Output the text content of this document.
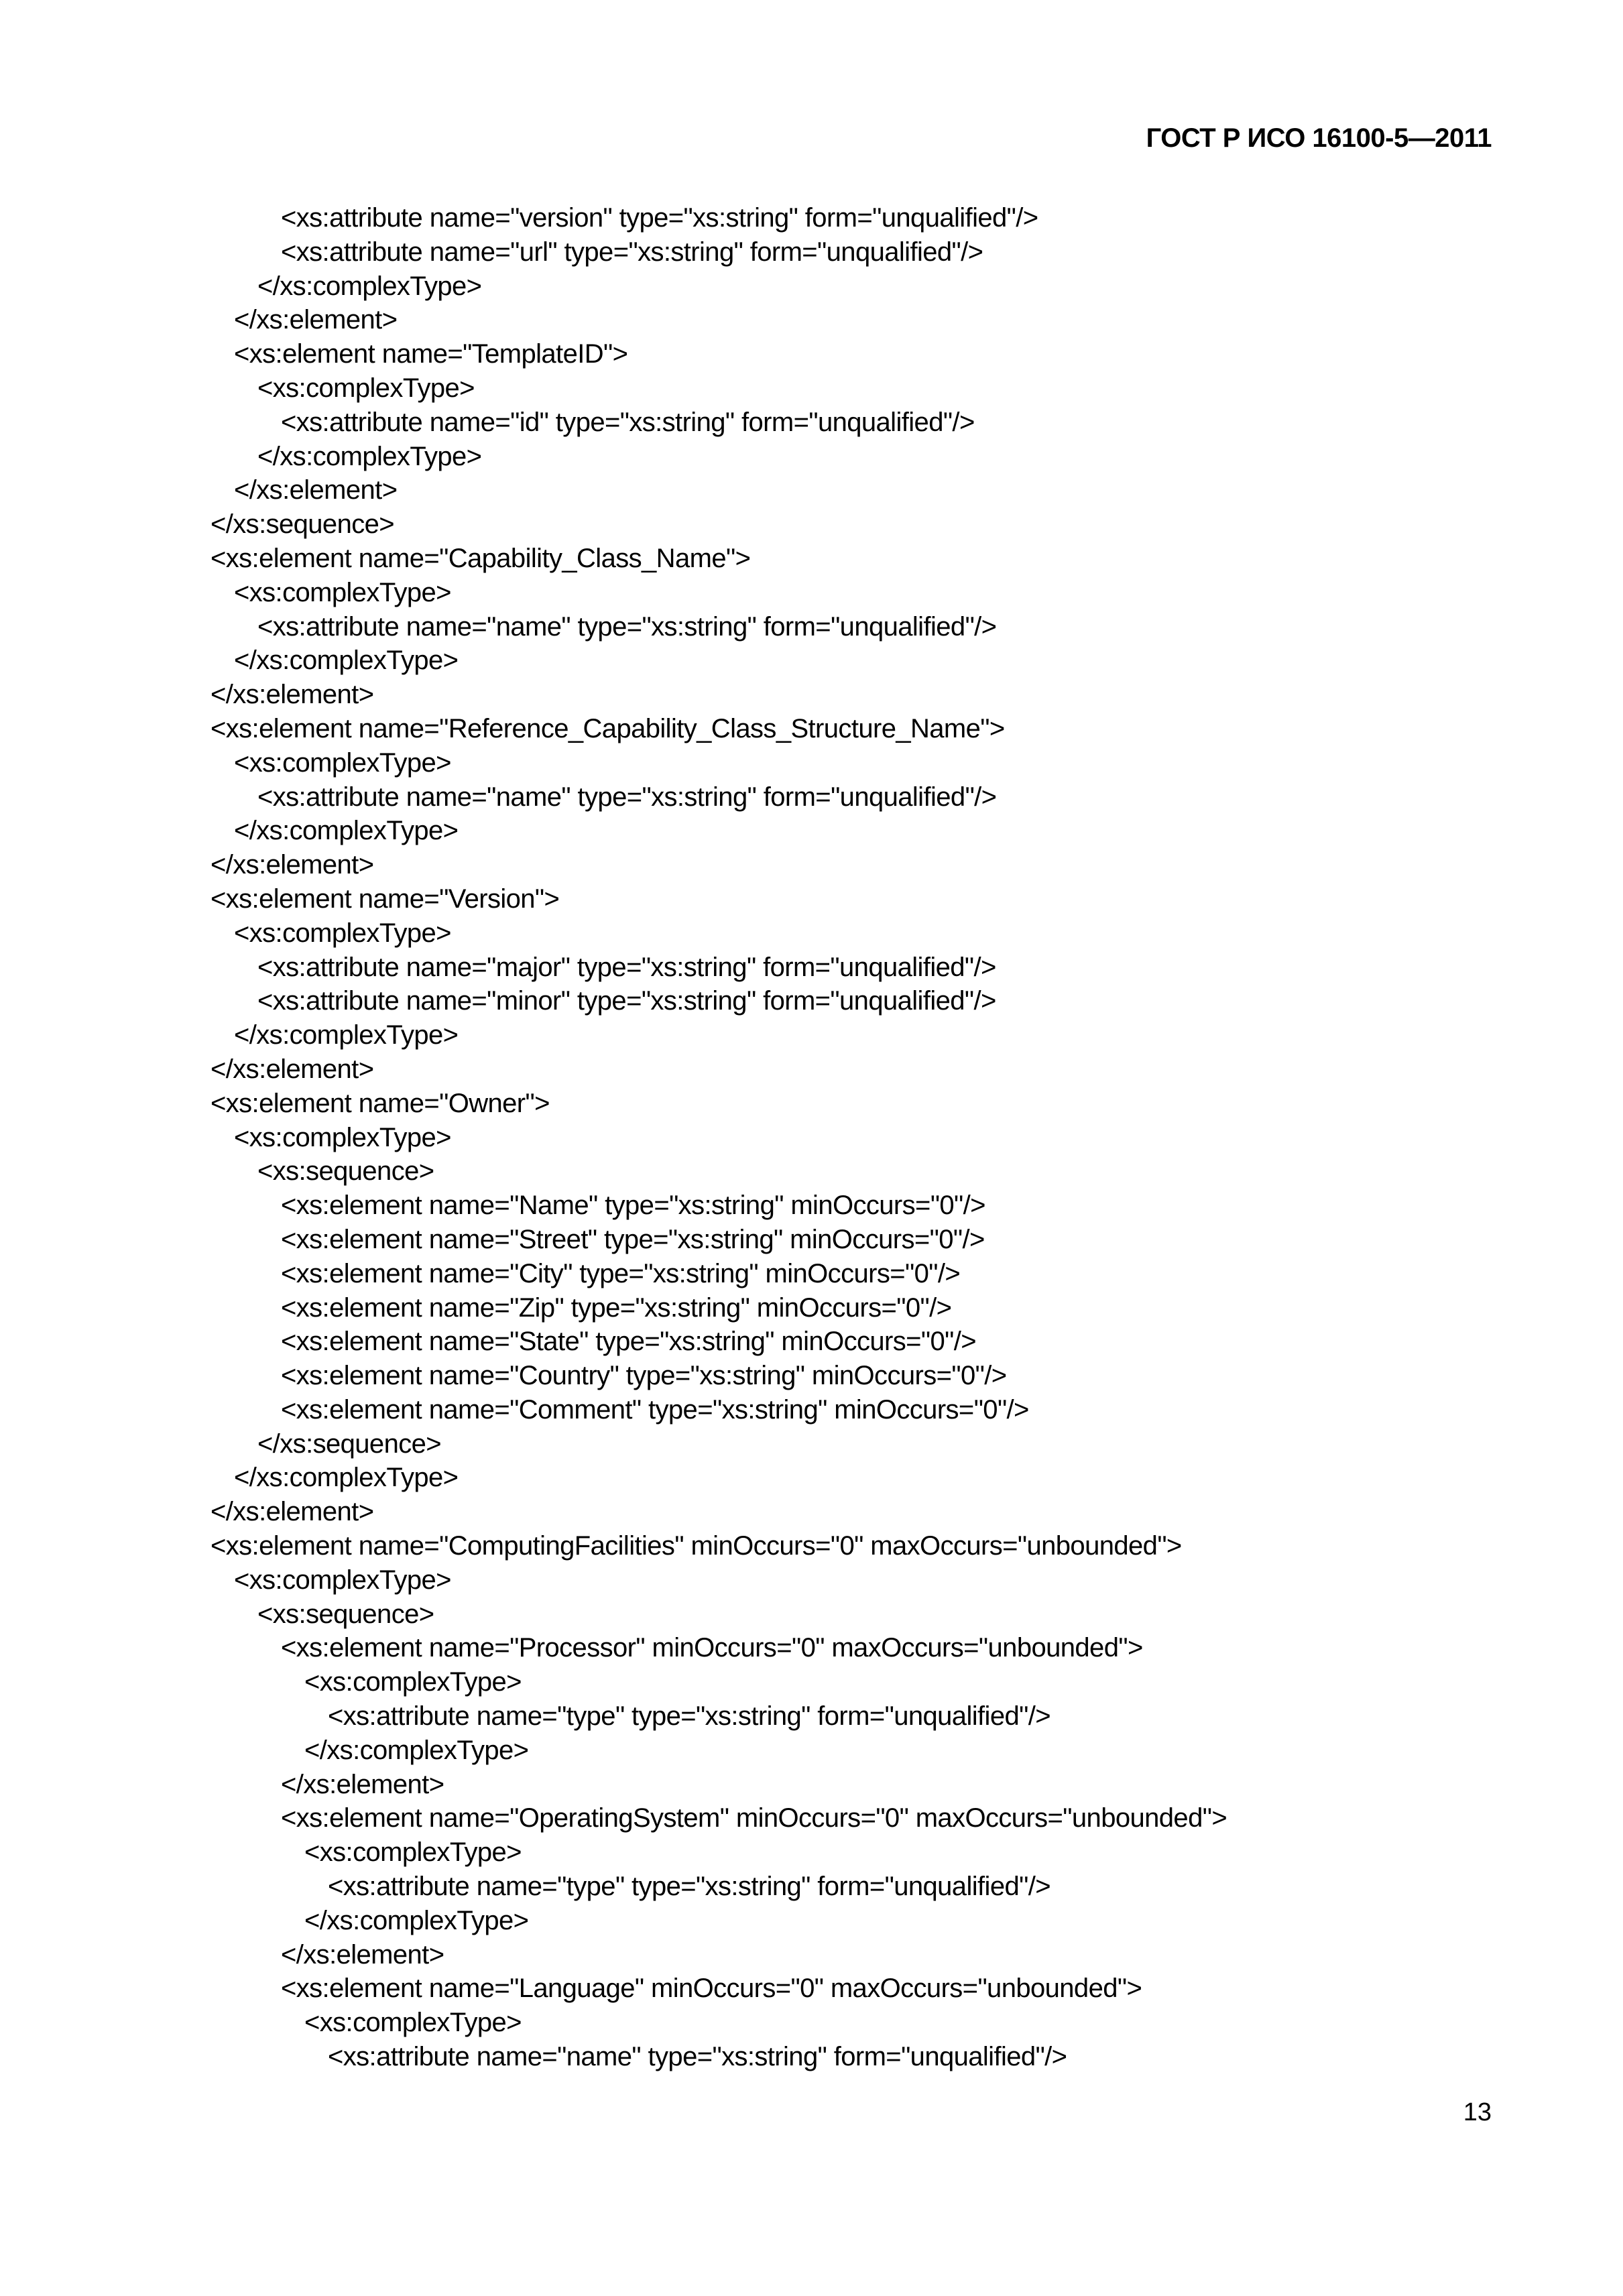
ГОСТ Р ИСО 16100-5—2011
<xs:attribute name="version" type="xs:string" form="unqualified"/>
<xs:attribute name="url" type="xs:string" form="unqualified"/>
</xs:complexType>
</xs:element>
<xs:element name="TemplateID">
<xs:complexType>
<xs:attribute name="id" type="xs:string" form="unqualified"/>
</xs:complexType>
</xs:element>
</xs:sequence>
<xs:element name="Capability_Class_Name">
<xs:complexType>
<xs:attribute name="name" type="xs:string" form="unqualified"/>
</xs:complexType>
</xs:element>
<xs:element name="Reference_Capability_Class_Structure_Name">
<xs:complexType>
<xs:attribute name="name" type="xs:string" form="unqualified"/>
</xs:complexType>
</xs:element>
<xs:element name="Version">
<xs:complexType>
<xs:attribute name="major" type="xs:string" form="unqualified"/>
<xs:attribute name="minor" type="xs:string" form="unqualified"/>
</xs:complexType>
</xs:element>
<xs:element name="Owner">
<xs:complexType>
<xs:sequence>
<xs:element name="Name" type="xs:string" minOccurs="0"/>
<xs:element name="Street" type="xs:string" minOccurs="0"/>
<xs:element name="City" type="xs:string" minOccurs="0"/>
<xs:element name="Zip" type="xs:string" minOccurs="0"/>
<xs:element name="State" type="xs:string" minOccurs="0"/>
<xs:element name="Country" type="xs:string" minOccurs="0"/>
<xs:element name="Comment" type="xs:string" minOccurs="0"/>
</xs:sequence>
</xs:complexType>
</xs:element>
<xs:element name="ComputingFacilities" minOccurs="0" maxOccurs="unbounded">
<xs:complexType>
<xs:sequence>
<xs:element name="Processor" minOccurs="0" maxOccurs="unbounded">
<xs:complexType>
<xs:attribute name="type" type="xs:string" form="unqualified"/>
</xs:complexType>
</xs:element>
<xs:element name="OperatingSystem" minOccurs="0" maxOccurs="unbounded">
<xs:complexType>
<xs:attribute name="type" type="xs:string" form="unqualified"/>
</xs:complexType>
</xs:element>
<xs:element name="Language" minOccurs="0" maxOccurs="unbounded">
<xs:complexType>
<xs:attribute name="name" type="xs:string" form="unqualified"/>
13
